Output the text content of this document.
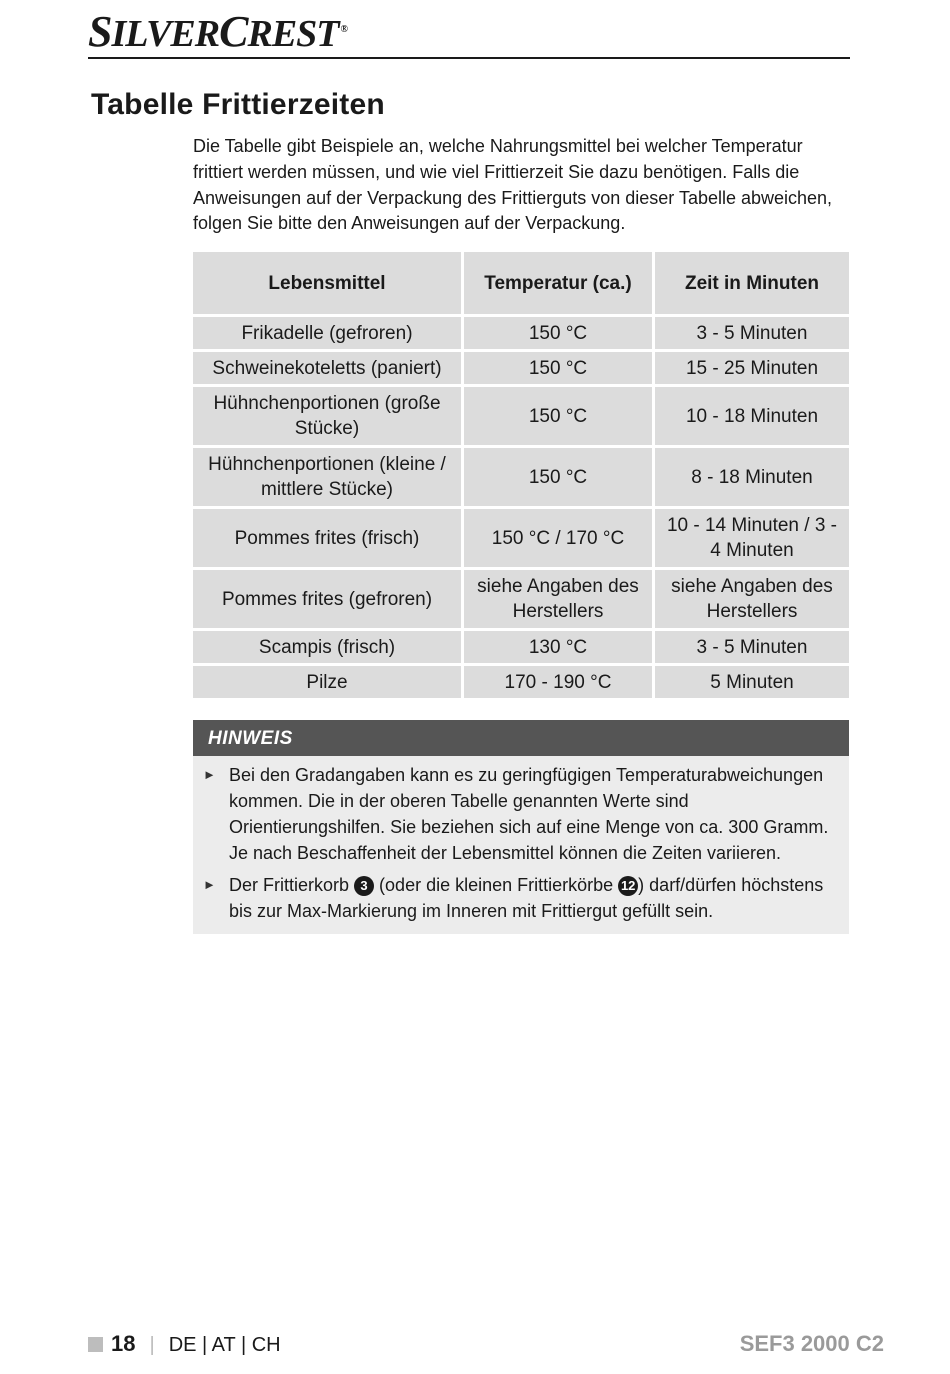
SILVERCREST ®
Tabelle Frittierzeiten

Die Tabelle gibt Beispiele an, welche Nahrungsmittel bei welcher Temperatur frittiert werden müssen, und wie viel Frittierzeit Sie dazu benötigen. Falls die Anweisungen auf der Verpackung des Frittierguts von dieser Tabelle abweichen, folgen Sie bitte den Anweisungen auf der Verpackung.

Lebensmittel	Temperatur (ca.)	Zeit in Minuten
Frikadelle (gefroren)	150 °C	3 - 5 Minuten
Schweinekoteletts (paniert)	150 °C	15 - 25 Minuten
Hühnchenportionen (große Stücke)	150 °C	10 - 18 Minuten
Hühnchenportionen (kleine / mittlere Stücke)	150 °C	8 - 18 Minuten
Pommes frites (frisch)	150 °C / 170 °C	10 - 14 Minuten / 3 - 4 Minuten
Pommes frites (gefroren)	siehe Angaben des Herstellers	siehe Angaben des Herstellers
Scampis (frisch)	130 °C	3 - 5 Minuten
Pilze	170 - 190 °C	5 Minuten
HINWEIS
► Bei den Gradangaben kann es zu geringfügigen Temperaturabweichungen kommen. Die in der oberen Tabelle genannten Werte sind Orientierungshilfen. Sie beziehen sich auf eine Menge von ca. 300 Gramm. Je nach Beschaffenheit der Lebensmittel können die Zeiten variieren.
► Der Frittierkorb 3 (oder die kleinen Frittierkörbe 12 ) darf/dürfen höchstens bis zur Max-Markierung im Inneren mit Frittiergut gefüllt sein.
18 | DE | AT | CH	SEF3 2000 C2
